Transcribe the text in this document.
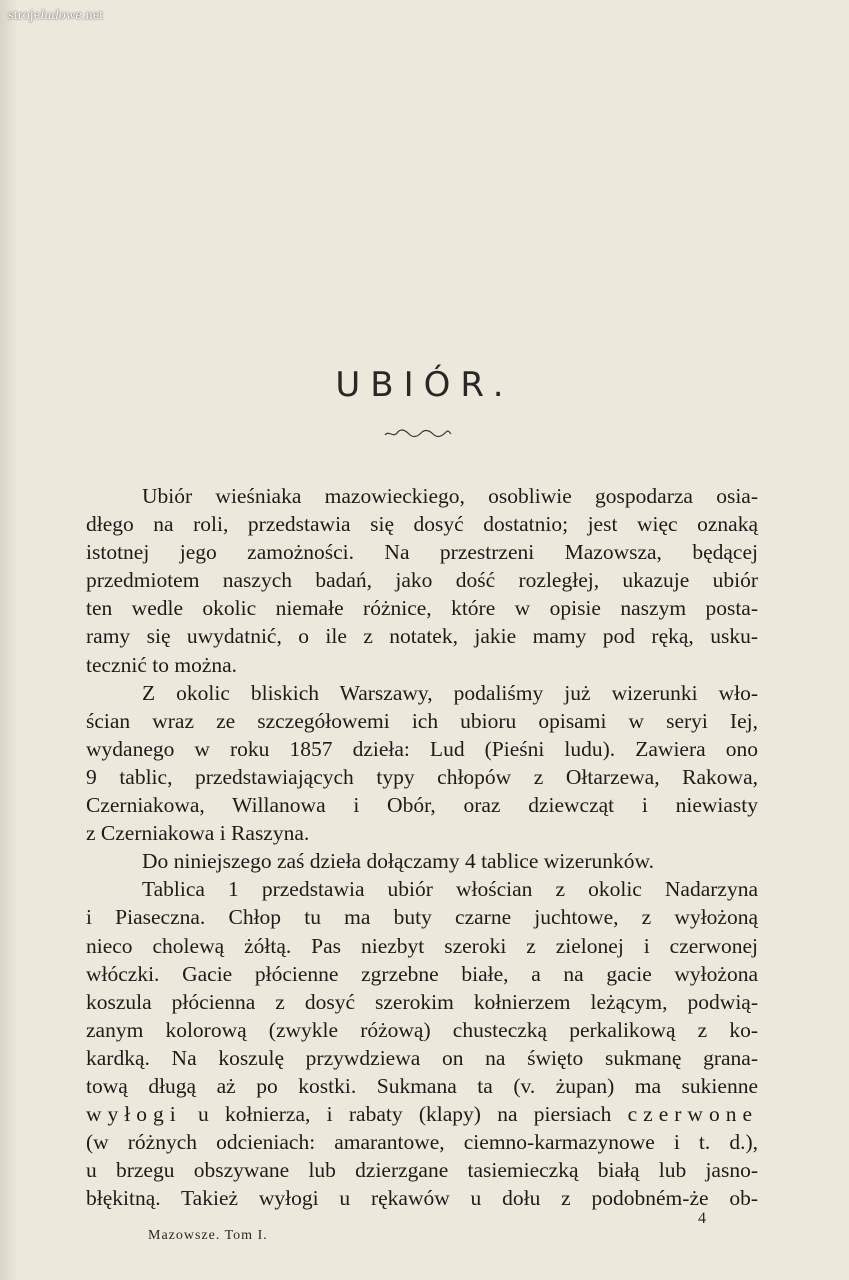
strojeludowe.net
UBIÓR.
Ubiór wieśniaka mazowieckiego, osobliwie gospodarza osia-
dłego na roli, przedstawia się dosyć dostatnio; jest więc oznaką
istotnej jego zamożności. Na przestrzeni Mazowsza, będącej
przedmiotem naszych badań, jako dość rozległej, ukazuje ubiór
ten wedle okolic niemałe różnice, które w opisie naszym posta-
ramy się uwydatnić, o ile z notatek, jakie mamy pod ręką, usku-
tecznić to można.
Z okolic bliskich Warszawy, podaliśmy już wizerunki wło-
ścian wraz ze szczegółowemi ich ubioru opisami w seryi Iej,
wydanego w roku 1857 dzieła: Lud (Pieśni ludu). Zawiera ono
9 tablic, przedstawiających typy chłopów z Ołtarzewa, Rakowa,
Czerniakowa, Willanowa i Obór, oraz dziewcząt i niewiasty
z Czerniakowa i Raszyna.
Do niniejszego zaś dzieła dołączamy 4 tablice wizerunków.
Tablica 1 przedstawia ubiór włościan z okolic Nadarzyna
i Piaseczna. Chłop tu ma buty czarne juchtowe, z wyłożoną
nieco cholewą żółtą. Pas niezbyt szeroki z zielonej i czerwonej
włóczki. Gacie płócienne zgrzebne białe, a na gacie wyłożona
koszula płócienna z dosyć szerokim kołnierzem leżącym, podwią-
zanym kolorową (zwykle różową) chusteczką perkalikową z ko-
kardką. Na koszulę przywdziewa on na święto sukmanę grana-
tową długą aż po kostki. Sukmana ta (v. żupan) ma sukienne
wyłogi u kołnierza, i rabaty (klapy) na piersiach czerwone
(w różnych odcieniach: amarantowe, ciemno-karmazynowe i t. d.),
u brzegu obszywane lub dzierzgane tasiemieczką białą lub jasno-
błękitną. Takież wyłogi u rękawów u dołu z podobném-że ob-
Mazowsze. Tom I.
4
